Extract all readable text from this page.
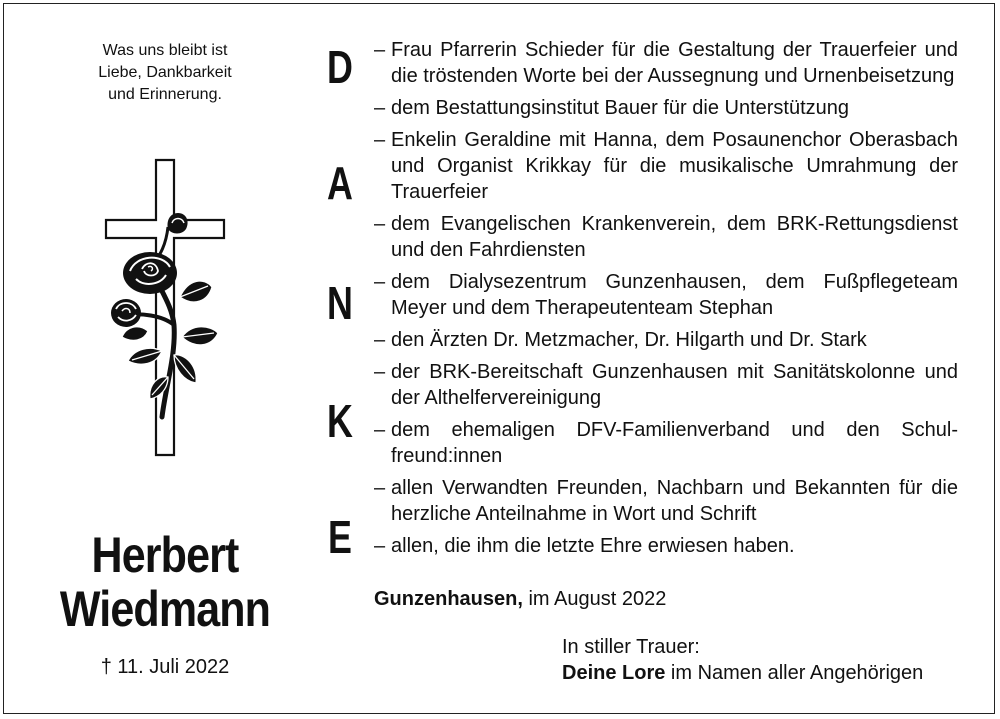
Was uns bleibt ist
Liebe, Dankbarkeit
und Erinnerung.
Herbert
Wiedmann
† 11. Juli 2022
D
A
N
K
E
– Frau Pfarrerin Schieder für die Gestaltung der Trauerfeier und die tröstenden Worte bei der Aussegnung und Urnenbeisetzung
– dem Bestattungsinstitut Bauer für die Unterstützung
– Enkelin Geraldine mit Hanna, dem Posaunenchor Oberasbach und Organist Krikkay für die musikalische Umrahmung der Trauerfeier
– dem Evangelischen Krankenverein, dem BRK-Rettungsdienst und den Fahrdiensten
– dem Dialysezentrum Gunzenhausen, dem Fußpflegeteam Meyer und dem Therapeutenteam Stephan
– den Ärzten Dr. Metzmacher, Dr. Hilgarth und Dr. Stark
– der BRK-Bereitschaft Gunzenhausen mit Sanitätskolonne und der Althelfervereinigung
– dem ehemaligen DFV-Familienverband und den Schulfreund:innen
– allen Verwandten Freunden, Nachbarn und Bekannten für die herzliche Anteilnahme in Wort und Schrift
– allen, die ihm die letzte Ehre erwiesen haben.
Gunzenhausen, im August 2022
In stiller Trauer:
Deine Lore im Namen aller Angehörigen
